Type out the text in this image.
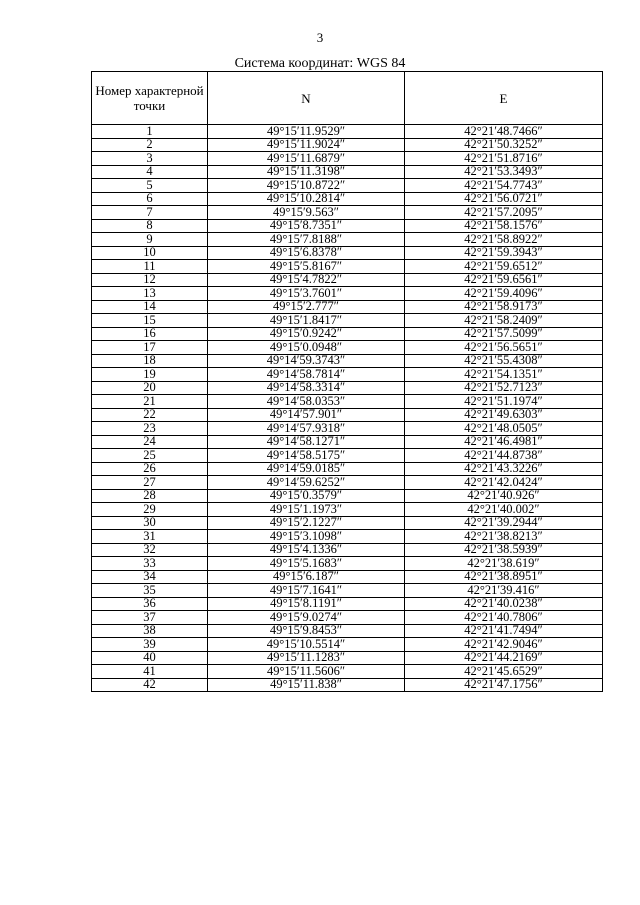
3
Система координат: WGS 84
Номер характерной точки	N	E
1	49°15′11.9529″	42°21′48.7466″
2	49°15′11.9024″	42°21′50.3252″
3	49°15′11.6879″	42°21′51.8716″
4	49°15′11.3198″	42°21′53.3493″
5	49°15′10.8722″	42°21′54.7743″
6	49°15′10.2814″	42°21′56.0721″
7	49°15′9.563″	42°21′57.2095″
8	49°15′8.7351″	42°21′58.1576″
9	49°15′7.8188″	42°21′58.8922″
10	49°15′6.8378″	42°21′59.3943″
11	49°15′5.8167″	42°21′59.6512″
12	49°15′4.7822″	42°21′59.6561″
13	49°15′3.7601″	42°21′59.4096″
14	49°15′2.777″	42°21′58.9173″
15	49°15′1.8417″	42°21′58.2409″
16	49°15′0.9242″	42°21′57.5099″
17	49°15′0.0948″	42°21′56.5651″
18	49°14′59.3743″	42°21′55.4308″
19	49°14′58.7814″	42°21′54.1351″
20	49°14′58.3314″	42°21′52.7123″
21	49°14′58.0353″	42°21′51.1974″
22	49°14′57.901″	42°21′49.6303″
23	49°14′57.9318″	42°21′48.0505″
24	49°14′58.1271″	42°21′46.4981″
25	49°14′58.5175″	42°21′44.8738″
26	49°14′59.0185″	42°21′43.3226″
27	49°14′59.6252″	42°21′42.0424″
28	49°15′0.3579″	42°21′40.926″
29	49°15′1.1973″	42°21′40.002″
30	49°15′2.1227″	42°21′39.2944″
31	49°15′3.1098″	42°21′38.8213″
32	49°15′4.1336″	42°21′38.5939″
33	49°15′5.1683″	42°21′38.619″
34	49°15′6.187″	42°21′38.8951″
35	49°15′7.1641″	42°21′39.416″
36	49°15′8.1191″	42°21′40.0238″
37	49°15′9.0274″	42°21′40.7806″
38	49°15′9.8453″	42°21′41.7494″
39	49°15′10.5514″	42°21′42.9046″
40	49°15′11.1283″	42°21′44.2169″
41	49°15′11.5606″	42°21′45.6529″
42	49°15′11.838″	42°21′47.1756″
